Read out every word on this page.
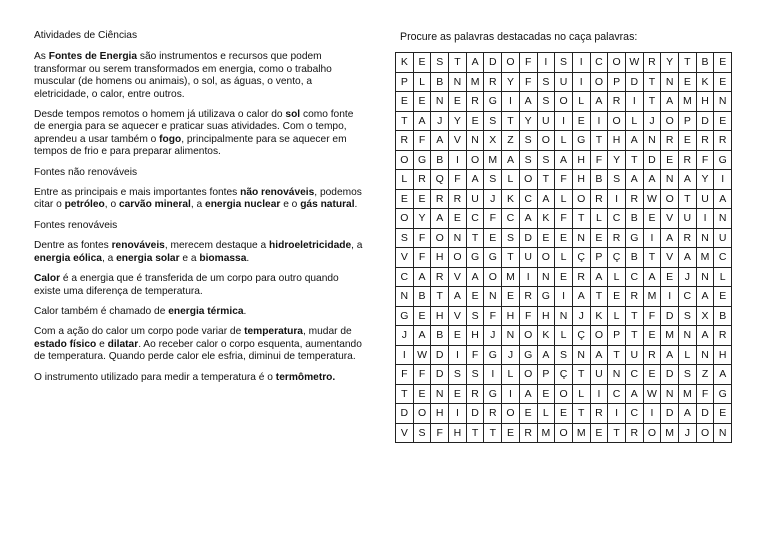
Atividades de Ciências

As Fontes de Energia são instrumentos e recursos que podem transformar ou serem transformados em energia, como o trabalho muscular (de homens ou animais), o sol, as águas, o vento, a eletricidade, o calor, entre outros.

Desde tempos remotos o homem já utilizava o calor do sol como fonte de energia para se aquecer e praticar suas atividades. Com o tempo, aprendeu a usar também o fogo, principalmente para se aquecer em tempos de frio e para preparar alimentos.

Fontes não renováveis

Entre as principais e mais importantes fontes não renováveis, podemos citar o petróleo, o carvão mineral, a energia nuclear e o gás natural.

Fontes renováveis

Dentre as fontes renováveis, merecem destaque a hidroeletricidade, a energia eólica, a energia solar e a biomassa.

Calor é a energia que é transferida de um corpo para outro quando existe uma diferença de temperatura.

Calor também é chamado de energia térmica.

Com a ação do calor um corpo pode variar de temperatura, mudar de estado físico e dilatar. Ao receber calor o corpo esquenta, aumentando de temperatura. Quando perde calor ele esfria, diminui de temperatura.

O instrumento utilizado para medir a temperatura é o termômetro.

Procure as palavras destacadas no caça palavras:
K	E	S	T	A	D	O	F	I	S	I	C	O	W	R	Y	T	B	E
P	L	B	N	M	R	Y	F	S	U	I	O	P	D	T	N	E	K	E
E	E	N	E	R	G	I	A	S	O	L	A	R	I	T	A	M	H	N
T	A	J	Y	E	S	T	Y	U	I	E	I	O	L	J	O	P	D	E
R	F	A	V	N	X	Z	S	O	L	G	T	H	A	N	R	E	R	R
O	G	B	I	O	M	A	S	S	A	H	F	Y	T	D	E	R	F	G
L	R	Q	F	A	S	L	O	T	F	H	B	S	A	A	N	A	Y	I
E	E	R	R	U	J	K	C	A	L	O	R	I	R	W	O	T	U	A
O	Y	A	E	C	F	C	A	K	F	T	L	C	B	E	V	U	I	N
S	F	O	N	T	E	S	D	E	E	N	E	R	G	I	A	R	N	U
V	F	H	O	G	G	T	U	O	L	Ç	P	Ç	B	T	V	A	M	C
C	A	R	V	A	O	M	I	N	E	R	A	L	C	A	E	J	N	L
N	B	T	A	E	N	E	R	G	I	A	T	E	R	M	I	C	A	E
G	E	H	V	S	F	H	F	H	N	J	K	L	T	F	D	S	X	B
J	A	B	E	H	J	N	O	K	L	Ç	O	P	T	E	M	N	A	R
I	W	D	I	F	G	J	G	A	S	N	A	T	U	R	A	L	N	H
F	F	D	S	S	I	L	O	P	Ç	T	U	N	C	E	D	S	Z	A
T	E	N	E	R	G	I	A	E	O	L	I	C	A	W	N	M	F	G
D	O	H	I	D	R	O	E	L	E	T	R	I	C	I	D	A	D	E
V	S	F	H	T	T	E	R	M	O	M	E	T	R	O	M	J	O	N
